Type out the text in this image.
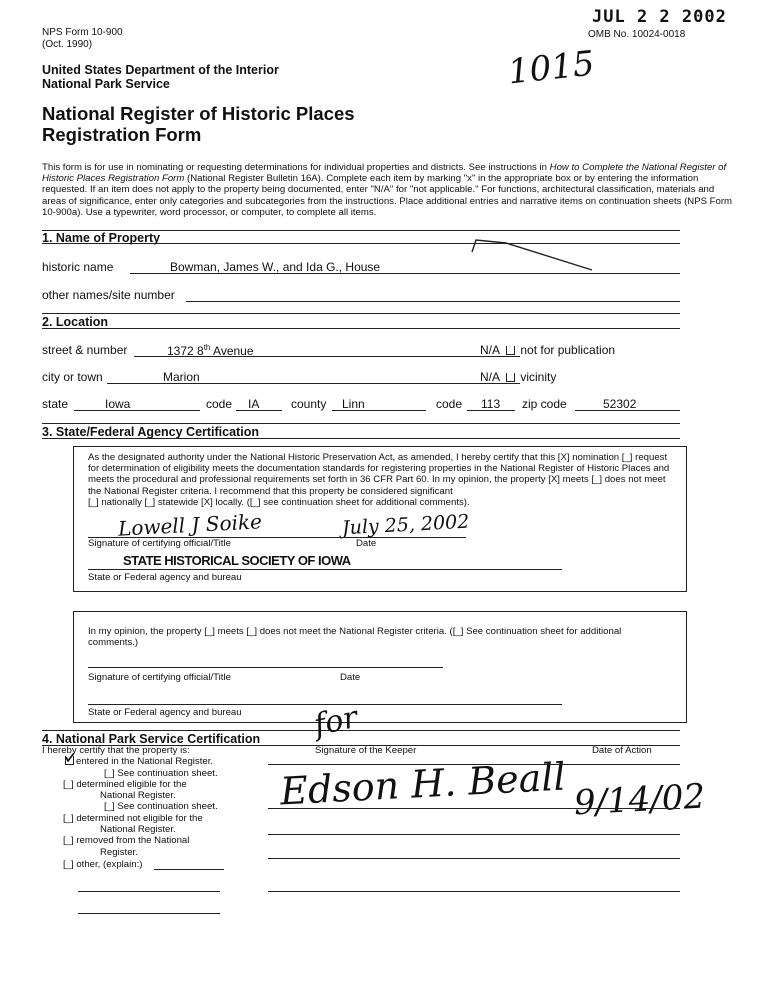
NPS Form 10-900
(Oct. 1990)
JUL 2 2 2002
OMB No. 10024-0018
1015
United States Department of the Interior
National Park Service
National Register of Historic Places
Registration Form
This form is for use in nominating or requesting determinations for individual properties and districts. See instructions in How to Complete the National Register of Historic Places Registration Form (National Register Bulletin 16A). Complete each item by marking "x" in the appropriate box or by entering the information requested. If an item does not apply to the property being documented, enter "N/A" for "not applicable." For functions, architectural classification, materials and areas of significance, enter only categories and subcategories from the instructions. Place additional entries and narrative items on continuation sheets (NPS Form 10-900a). Use a typewriter, word processor, or computer, to complete all items.
1. Name of Property
historic name	Bowman, James W., and Ida G., House
other names/site number
2. Location
street & number	1372 8th Avenue	N/A	not for publication
city or town	Marion	N/A	vicinity
state	Iowa	code IA	county Linn	code 113 zip code	52302
3. State/Federal Agency Certification
As the designated authority under the National Historic Preservation Act, as amended, I hereby certify that this [X] nomination [_] request for determination of eligibility meets the documentation standards for registering properties in the National Register of Historic Places and meets the procedural and professional requirements set forth in 36 CFR Part 60. In my opinion, the property [X] meets [_] does not meet the National Register criteria. I recommend that this property be considered significant
[_] nationally [_] statewide [X] locally. ([_] see continuation sheet for additional comments).
Lowell J Soike	July 25, 2002
Signature of certifying official/Title	Date
STATE HISTORICAL SOCIETY OF IOWA
State or Federal agency and bureau
In my opinion, the property [_] meets [_] does not meet the National Register criteria. ([_] See continuation sheet for additional comments.)
Signature of certifying official/Title	Date
State or Federal agency and bureau
4. National Park Service Certification
I hereby certify that the property is:	Signature of the Keeper	Date of Action
for
Edson H. Beall 9/14/02
entered in the National Register.
[_] See continuation sheet.
[_] determined eligible for the
National Register.
[_] See continuation sheet.
[_] determined not eligible for the
National Register.
[_] removed from the National
Register.
[_] other, (explain:)
